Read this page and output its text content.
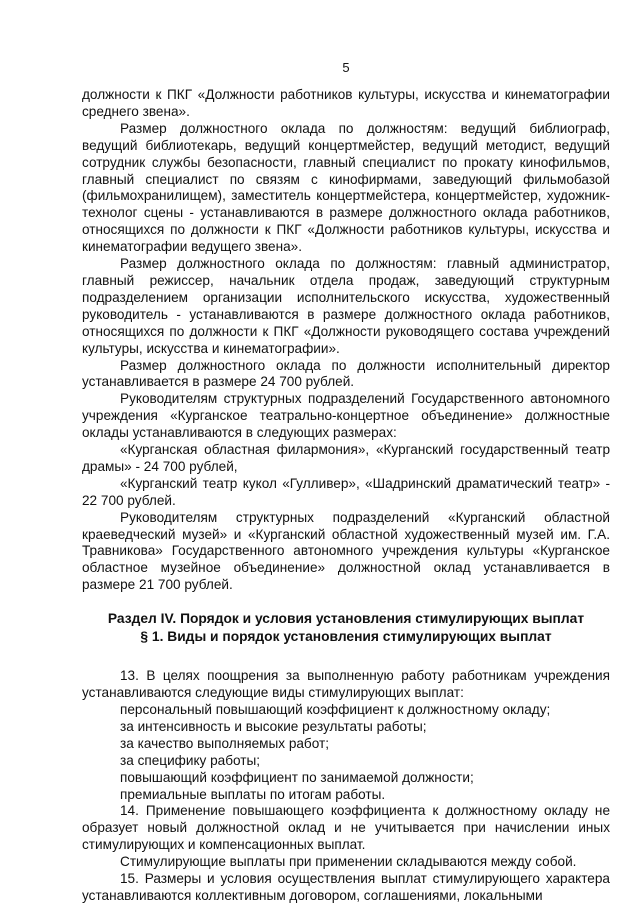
5

должности к ПКГ «Должности работников культуры, искусства и кинематографии среднего звена».

Размер должностного оклада по должностям: ведущий библиограф, ведущий библиотекарь, ведущий концертмейстер, ведущий методист, ведущий сотрудник службы безопасности, главный специалист по прокату кинофильмов, главный специалист по связям с кинофирмами, заведующий фильмобазой (фильмохранилищем), заместитель концертмейстера, концертмейстер, художник-технолог сцены - устанавливаются в размере должностного оклада работников, относящихся по должности к ПКГ «Должности работников культуры, искусства и кинематографии ведущего звена».

Размер должностного оклада по должностям: главный администратор, главный режиссер, начальник отдела продаж, заведующий структурным подразделением организации исполнительского искусства, художественный руководитель - устанавливаются в размере должностного оклада работников, относящихся по должности к ПКГ «Должности руководящего состава учреждений культуры, искусства и кинематографии».

Размер должностного оклада по должности исполнительный директор устанавливается в размере 24 700 рублей.

Руководителям структурных подразделений Государственного автономного учреждения «Курганское театрально-концертное объединение» должностные оклады устанавливаются в следующих размерах:

«Курганская областная филармония», «Курганский государственный театр драмы» - 24 700 рублей,

«Курганский театр кукол «Гулливер», «Шадринский драматический театр» - 22 700 рублей.

Руководителям структурных подразделений «Курганский областной краеведческий музей» и «Курганский областной художественный музей им. Г.А. Травникова» Государственного автономного учреждения культуры «Курганское областное музейное объединение» должностной оклад устанавливается в размере 21 700 рублей.

Раздел IV. Порядок и условия установления стимулирующих выплат

§ 1. Виды и порядок установления стимулирующих выплат

13. В целях поощрения за выполненную работу работникам учреждения устанавливаются следующие виды стимулирующих выплат:

персональный повышающий коэффициент к должностному окладу;

за интенсивность и высокие результаты работы;

за качество выполняемых работ;

за специфику работы;

повышающий коэффициент по занимаемой должности;

премиальные выплаты по итогам работы.

14. Применение повышающего коэффициента к должностному окладу не образует новый должностной оклад и не учитывается при начислении иных стимулирующих и компенсационных выплат.

Стимулирующие выплаты при применении складываются между собой.

15. Размеры и условия осуществления выплат стимулирующего характера устанавливаются коллективным договором, соглашениями, локальными
